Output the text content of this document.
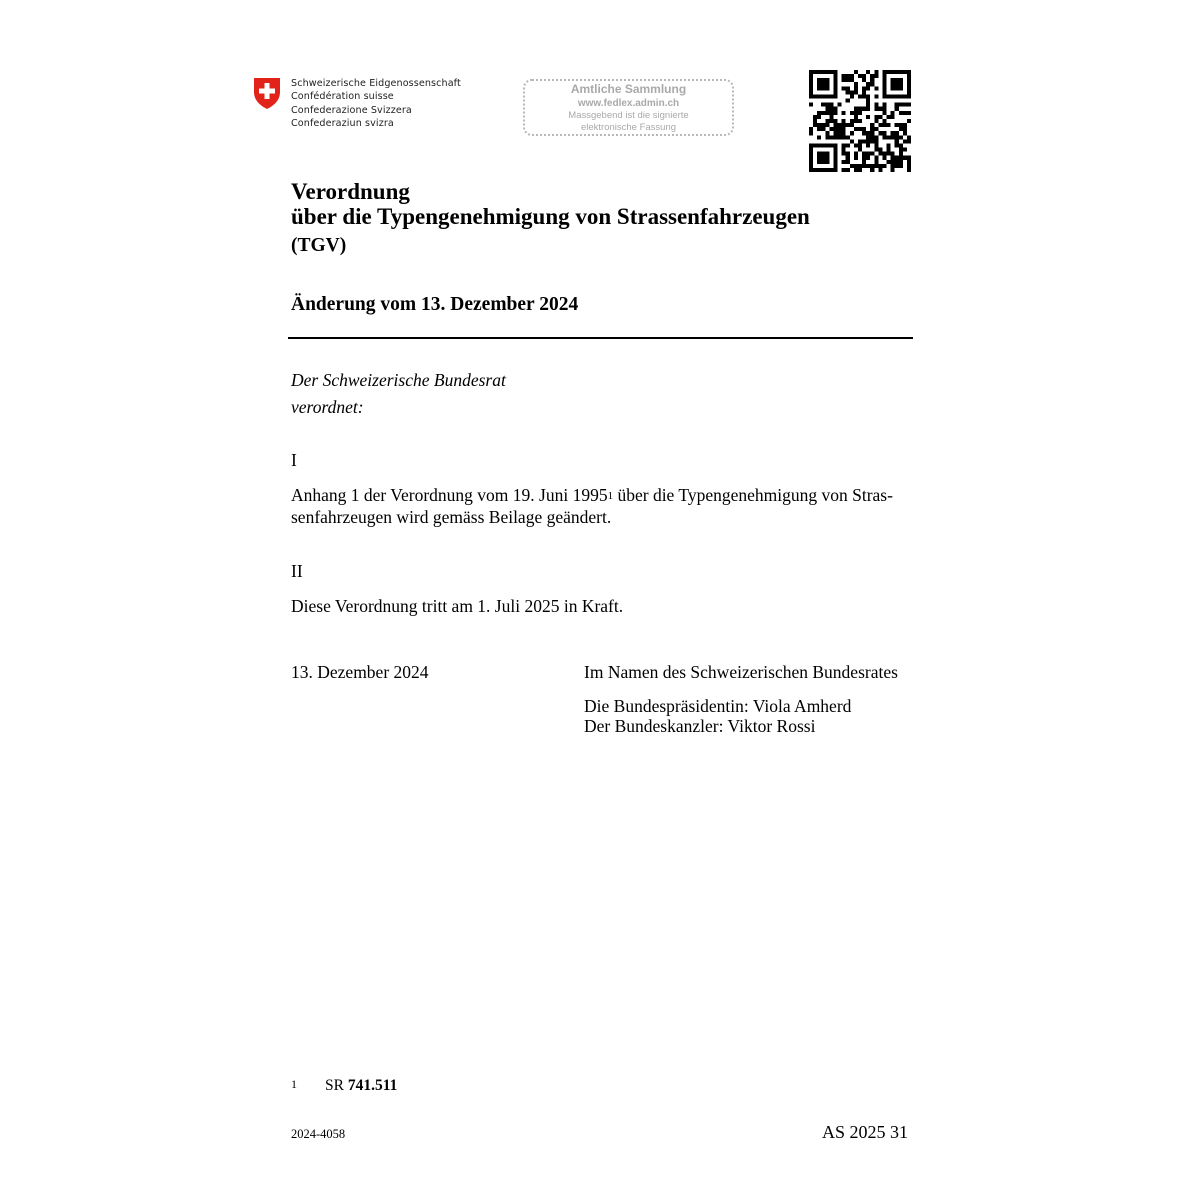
Schweizerische Eidgenossenschaft
Confédération suisse
Confederazione Svizzera
Confederaziun svizra
Amtliche Sammlung
www.fedlex.admin.ch
Massgebend ist die signierte
elektronische Fassung
Verordnung
über die Typengenehmigung von Strassenfahrzeugen
(TGV)
Änderung vom 13. Dezember 2024
Der Schweizerische Bundesrat
verordnet:
I
Anhang 1 der Verordnung vom 19. Juni 1995$^1$ über die Typengenehmigung von Stras-
senfahrzeugen wird gemäss Beilage geändert.
II
Diese Verordnung tritt am 1. Juli 2025 in Kraft.
13. Dezember 2024	Im Namen des Schweizerischen Bundesrates
Die Bundespräsidentin: Viola Amherd
Der Bundeskanzler: Viktor Rossi
1 SR 741.511
2024-4058	AS 2025 31
